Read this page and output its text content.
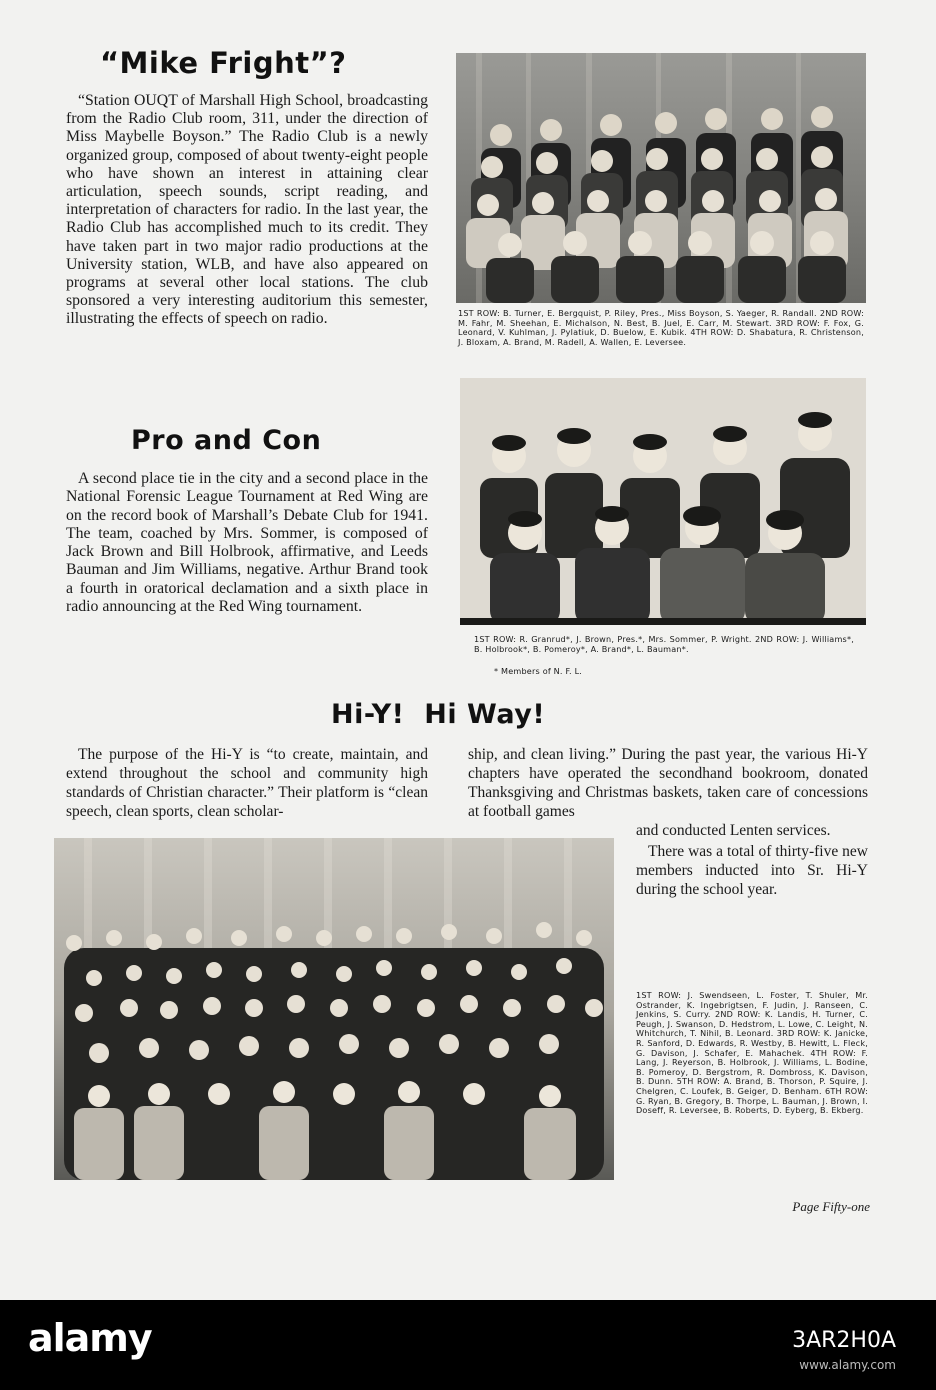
“Mike Fright”?

“Station OUQT of Marshall High School, broadcasting from the Radio Club room, 311, under the direction of Miss Maybelle Boyson.” The Radio Club is a newly organized group, composed of about twenty-eight people who have shown an interest in attaining clear articulation, speech sounds, script reading, and interpretation of characters for radio. In the last year, the Radio Club has accomplished much to its credit. They have taken part in two major radio productions at the University station, WLB, and have also appeared on programs at several other local stations. The club sponsored a very interesting auditorium this semester, illustrating the effects of speech on radio.	1ST ROW: B. Turner, E. Bergquist, P. Riley, Pres., Miss Boyson, S. Yaeger, R. Randall. 2ND ROW: M. Fahr, M. Sheehan, E. Michalson, N. Best, B. Juel, E. Carr, M. Stewart. 3RD ROW: F. Fox, G. Leonard, V. Kuhlman, J. Pylatiuk, D. Buelow, E. Kubik. 4TH ROW: D. Shabatura, R. Christenson, J. Bloxam, A. Brand, M. Radell, A. Wallen, E. Leversee.
Pro and Con

A second place tie in the city and a second place in the National Forensic League Tournament at Red Wing are on the record book of Marshall’s Debate Club for 1941. The team, coached by Mrs. Sommer, is composed of Jack Brown and Bill Holbrook, affirmative, and Leeds Bauman and Jim Williams, negative. Arthur Brand took a fourth in oratorical declamation and a sixth place in radio announcing at the Red Wing tournament.

1ST ROW: R. Granrud*, J. Brown, Pres.*, Mrs. Sommer, P. Wright. 2ND ROW: J. Williams*, B. Holbrook*, B. Pomeroy*, A. Brand*, L. Bauman*.
* Members of N. F. L.
Hi-Y!  Hi Way!

The purpose of the Hi-Y is “to create, maintain, and extend throughout the school and community high standards of Christian character.” Their platform is “clean speech, clean sports, clean scholar-

ship, and clean living.” During the past year, the various Hi-Y chapters have operated the secondhand bookroom, donated Thanksgiving and Christmas baskets, taken care of concessions at football games

and conducted Lenten services.

There was a total of thirty-five new members inducted into Sr. Hi-Y during the school year.

1ST ROW: J. Swendseen, L. Foster, T. Shuler, Mr. Ostrander, K. Ingebrigtsen, F. Judin, J. Ranseen, C. Jenkins, S. Curry. 2ND ROW: K. Landis, H. Turner, C. Peugh, J. Swanson, D. Hedstrom, L. Lowe, C. Leight, N. Whitchurch, T. Nihil, B. Leonard. 3RD ROW: K. Janicke, R. Sanford, D. Edwards, R. Westby, B. Hewitt, L. Fleck, G. Davison, J. Schafer, E. Mahachek. 4TH ROW: F. Lang, J. Reyerson, B. Holbrook, J. Williams, L. Bodine, B. Pomeroy, D. Bergstrom, R. Dombross, K. Davison, B. Dunn. 5TH ROW: A. Brand, B. Thorson, P. Squire, J. Chelgren, C. Loufek, B. Geiger, D. Benham. 6TH ROW: G. Ryan, B. Gregory, B. Thorpe, L. Bauman, J. Brown, I. Doseff, R. Leversee, B. Roberts, D. Eyberg, B. Ekberg.
Page Fifty-one
alamy	3AR2H0A
www.alamy.com
